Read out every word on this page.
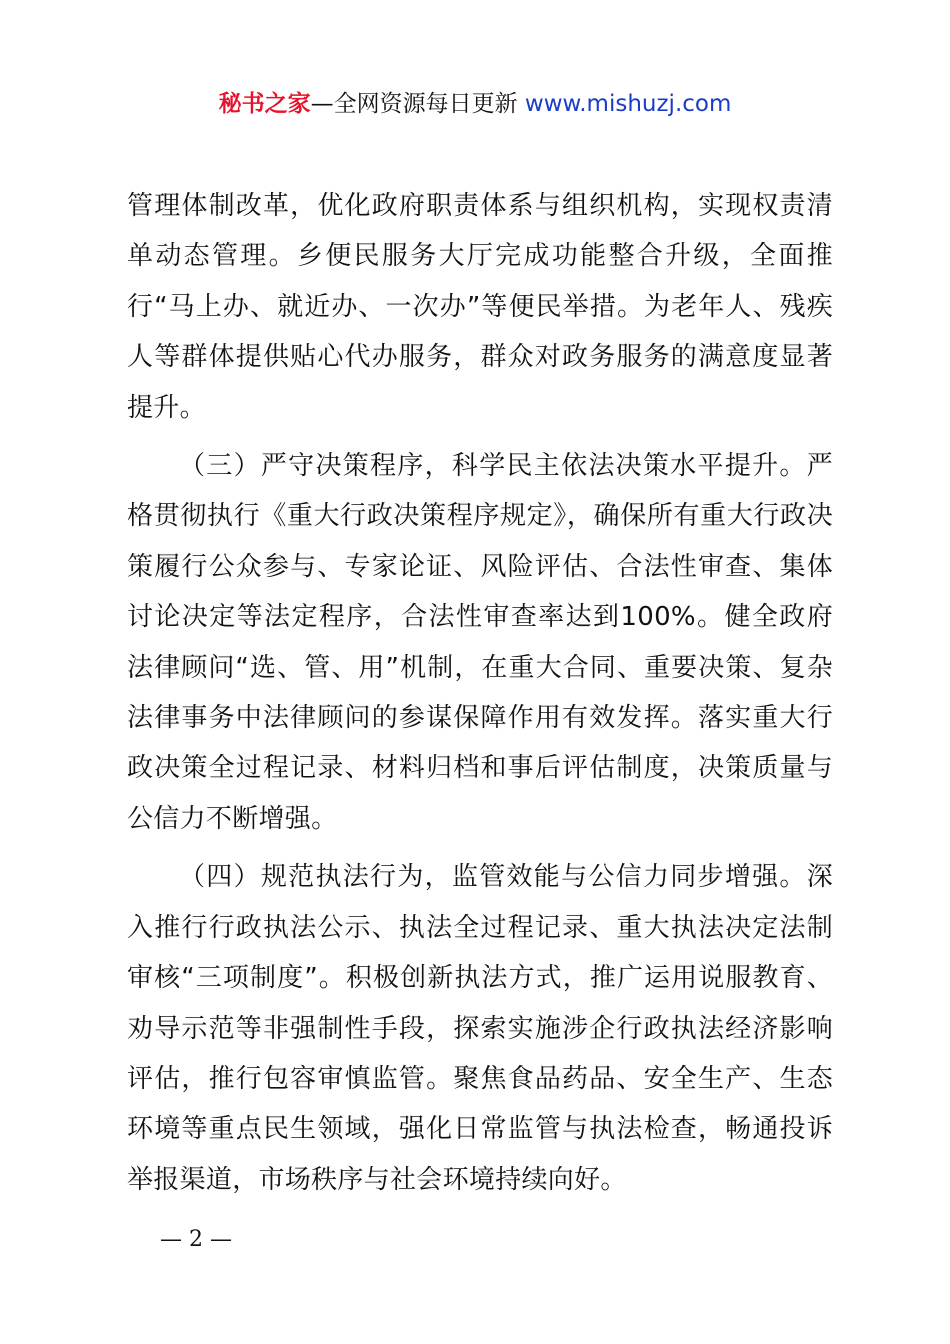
秘书之家—全网资源每日更新 www.mishuzj.com

管理体制改革，优化政府职责体系与组织机构，实现权责清单动态管理。乡便民服务大厅完成功能整合升级，全面推行“马上办、就近办、一次办”等便民举措。为老年人、残疾人等群体提供贴心代办服务，群众对政务服务的满意度显著提升。

（三）严守决策程序，科学民主依法决策水平提升。严格贯彻执行《重大行政决策程序规定》，确保所有重大行政决策履行公众参与、专家论证、风险评估、合法性审查、集体讨论决定等法定程序，合法性审查率达到100%。健全政府法律顾问“选、管、用”机制，在重大合同、重要决策、复杂法律事务中法律顾问的参谋保障作用有效发挥。落实重大行政决策全过程记录、材料归档和事后评估制度，决策质量与公信力不断增强。

（四）规范执法行为，监管效能与公信力同步增强。深入推行行政执法公示、执法全过程记录、重大执法决定法制审核“三项制度”。积极创新执法方式，推广运用说服教育、劝导示范等非强制性手段，探索实施涉企行政执法经济影响评估，推行包容审慎监管。聚焦食品药品、安全生产、生态环境等重点民生领域，强化日常监管与执法检查，畅通投诉举报渠道，市场秩序与社会环境持续向好。

— 2 —
